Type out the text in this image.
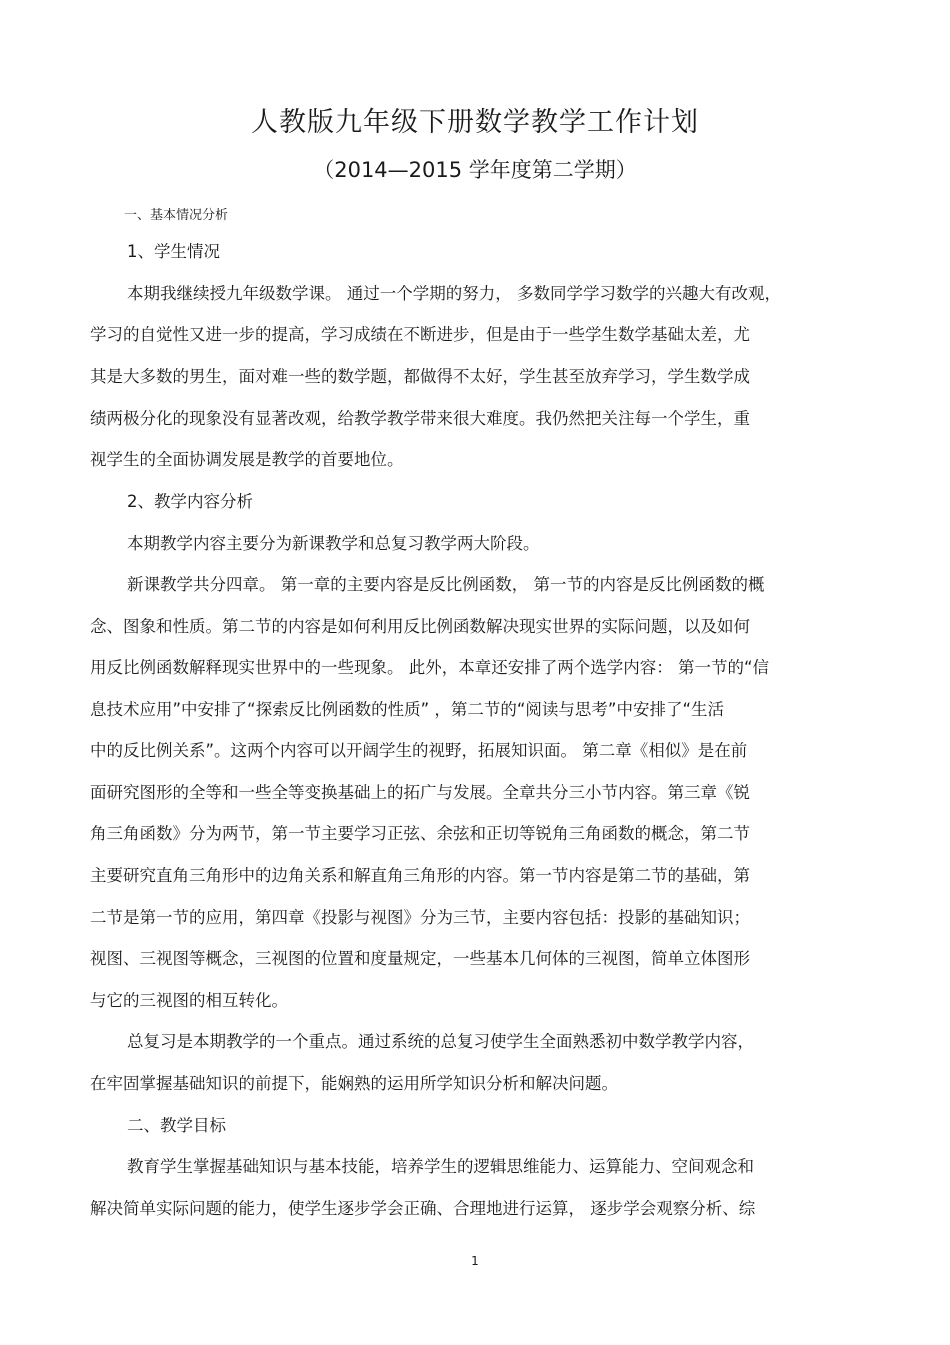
人教版九年级下册数学教学工作计划
（2014—2015 学年度第二学期）
一、基本情况分析
1、学生情况
本期我继续授九年级数学课。 通过一个学期的努力， 多数同学学习数学的兴趣大有改观，
学习的自觉性又进一步的提高，学习成绩在不断进步，但是由于一些学生数学基础太差，尤
其是大多数的男生，面对难一些的数学题，都做得不太好，学生甚至放弃学习，学生数学成
绩两极分化的现象没有显著改观，给教学教学带来很大难度。我仍然把关注每一个学生，重
视学生的全面协调发展是教学的首要地位。
2、教学内容分析
本期教学内容主要分为新课教学和总复习教学两大阶段。
新课教学共分四章。 第一章的主要内容是反比例函数， 第一节的内容是反比例函数的概
念、图象和性质。第二节的内容是如何利用反比例函数解决现实世界的实际问题，以及如何
用反比例函数解释现实世界中的一些现象。 此外，本章还安排了两个选学内容： 第一节的“信
息技术应用”中安排了“探索反比例函数的性质” ，第二节的“阅读与思考”中安排了“生活
中的反比例关系”。这两个内容可以开阔学生的视野，拓展知识面。 第二章《相似》是在前
面研究图形的全等和一些全等变换基础上的拓广与发展。全章共分三小节内容。第三章《锐
角三角函数》分为两节，第一节主要学习正弦、余弦和正切等锐角三角函数的概念，第二节
主要研究直角三角形中的边角关系和解直角三角形的内容。第一节内容是第二节的基础，第
二节是第一节的应用，第四章《投影与视图》分为三节，主要内容包括：投影的基础知识；
视图、三视图等概念，三视图的位置和度量规定，一些基本几何体的三视图，简单立体图形
与它的三视图的相互转化。
总复习是本期教学的一个重点。通过系统的总复习使学生全面熟悉初中数学教学内容，
在牢固掌握基础知识的前提下，能娴熟的运用所学知识分析和解决问题。
二、教学目标
教育学生掌握基础知识与基本技能，培养学生的逻辑思维能力、运算能力、空间观念和
解决简单实际问题的能力，使学生逐步学会正确、合理地进行运算， 逐步学会观察分析、综
1
